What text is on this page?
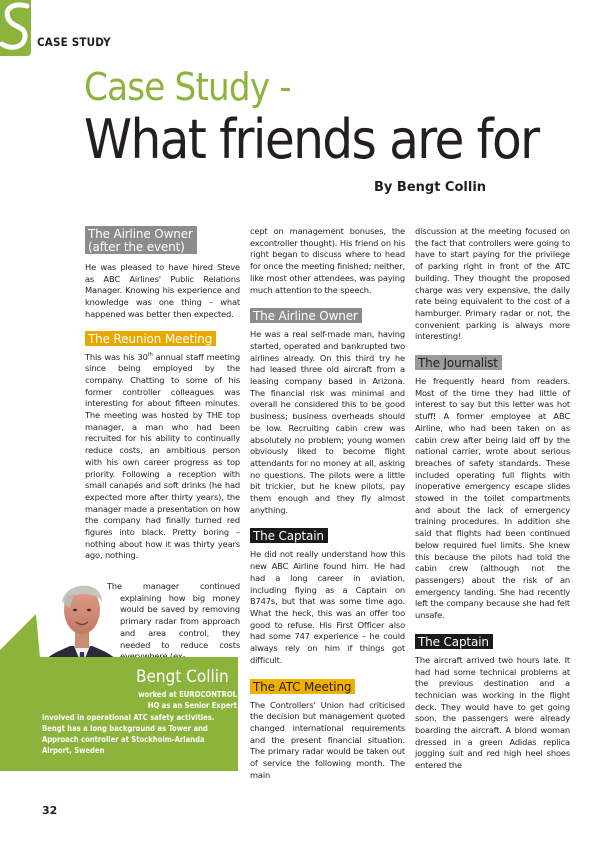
CASE STUDY
Case Study -
What friends are for
By Bengt Collin
The Airline Owner
(after the event)

He was pleased to have hired Steve as ABC Airlines' Public Relations Manager. Knowing his experience and knowledge was one thing – what happened was better then expected.

The Reunion Meeting

This was his 30th annual staff meeting since being employed by the company. Chatting to some of his former controller colleagues was interesting for about fifteen minutes. The meeting was hosted by THE top manager, a man who had been recruited for his ability to continually reduce costs, an ambitious person with his own career progress as top priority. Following a reception with small canapés and soft drinks (he had expected more after thirty years), the manager made a presentation on how the company had finally turned red figures into black. Pretty boring – nothing about how it was thirty years ago, nothing.

The manager continued explaining how big money would be saved by removing primary radar from approach and area control, they needed to reduce costs

Bengt Collin
worked at EUROCONTROL
HQ as an Senior Expert
involved in operational ATC safety activities.
Bengt has a long background as Tower and
Approach controller at Stockholm-Arlanda
Airport, Sweden

cept on management bonuses, the excontroller thought). His friend on his right began to discuss where to head for once the meeting finished; neither, like most other attendees, was paying much attention to the speech.

The Airline Owner

He was a real self-made man, having started, operated and bankrupted two airlines already. On this third try he had leased three old aircraft from a leasing company based in Arizona. The financial risk was minimal and overall he considered this to be good business; business overheads should be low. Recruiting cabin crew was absolutely no problem; young women obviously liked to become flight attendants for no money at all, asking no questions. The pilots were a little bit trickier, but he knew pilots, pay them enough and they fly almost anything.

The Captain

He did not really understand how this new ABC Airline found him. He had had a long career in aviation, including flying as a Captain on B747s, but that was some time ago. What the heck, this was an offer too good to refuse. His First Officer also had some 747 experience – he could always rely on him if things got difficult.

The ATC Meeting

The Controllers' Union had criticised the decision but management quoted changed international requirements and the present financial situation. The primary radar would be taken out of service the following month. The main

discussion at the meeting focused on the fact that controllers were going to have to start paying for the privilege of parking right in front of the ATC building. They thought the proposed charge was very expensive, the daily rate being equivalent to the cost of a hamburger. Primary radar or not, the convenient parking is always more interesting!

The Journalist

He frequently heard from readers. Most of the time they had little of interest to say but this letter was hot stuff! A former employee at ABC Airline, who had been taken on as cabin crew after being laid off by the national carrier, wrote about serious breaches of safety standards. These included operating full flights with inoperative emergency escape slides stowed in the toilet compartments and about the lack of emergency training procedures. In addition she said that flights had been continued below required fuel limits. She knew this because the pilots had told the cabin crew (although not the passengers) about the risk of an emergency landing. She had recently left the company because she had felt unsafe.

The Captain

The aircraft arrived two hours late. It had had some technical problems at the previous destination and a technician was working in the flight deck. They would have to get going soon, the passengers were already boarding the aircraft. A blond woman dressed in a green Adidas replica jogging suit and red high heel shoes entered the

32
